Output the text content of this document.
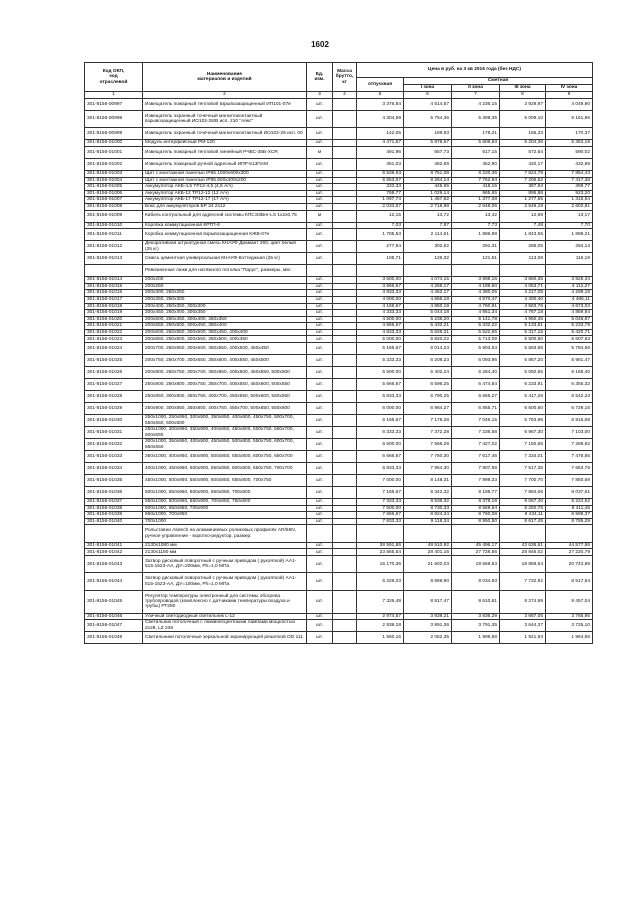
1602
Код ОКП,
код
отраслевой	Наименование
материалов и изделий	Ед.
изм.	Масса
брутто,
кг	Цена в руб. на 3 кв 2016 года (без НДС)				
				отпускная	Сметная			
					I зона	II зона	III зона	IV зона
1	2	3	4	5	6	7	8	9
301-8156-00997	Извещатель пожарный тепловой взрывозащищенный ИП101-07е	шт.		3 376,84	4 514,67	4 236,15	3 929,97	4 049,90
301-8156-00998	Извещатель охранный точечный магнитоконтактный взрывозащищенный ИО102-26/В исп. 210 "Аякс"	шт.		4 304,59	5 754,36	5 399,35	5 009,10	5 161,96
301-8156-00999	Извещатель охранный точечный магнитоконтактный ИО102-26 исп. 00	шт.		142,05	189,93	178,21	165,33	170,37
301-8156-01000	Модуль интерфейсный РМ-120	шт.		4 471,67	5 978,67	5 609,83	5 204,36	5 363,18
301-8156-01001	Извещатель пожарный тепловой линейный РЧВС-35Б-XCR	м		491,96	657,73	617,15	572,54	590,02
301-8156-01002	Извещатель пожарный ручной адресный ИПР-513ПАМ	шт.		361,03	482,69	452,90	420,17	432,99
301-8156-01003	Щит с монтажной панелью IP65 1000х600х300	шт.		6 539,63	8 751,08	8 220,36	7 624,79	7 854,43
301-8156-01004	Щит с монтажной панелью IP65 600х400х200	шт.		6 553,67	8 264,14	7 762,94	7 206,52	7 417,38
301-8156-01005	Аккумулятор АКБ-4,5 ТР12-4,5 (4,5 А/ч)	шт.		333,33	445,65	418,15	387,93	399,77
301-8156-01006	Аккумулятор АКБ-12 ТР12-12 (12 А/ч)	шт.		769,77	1 029,14	965,65	895,86	923,20
301-8156-01007	Аккумулятор АКБ-17 ТР12-17 (17 А/ч)	шт.		1 097,74	1 467,62	1 377,08	1 277,55	1 316,54
301-8156-01008	Бокс для аккумуляторов БР 24 2х12	шт.		2 033,67	2 718,98	2 648,06	2 548,19	2 602,81
301-8156-01009	Кабель контрольный для адресной системы КПСЭЗВнг-LS 1х2х0,75	м		12,15	13,72	13,42	12,98	13,17
301-8156-01010	Коробка коммутационная КРТП-8	шт.		7,03	7,97	7,73	7,48	7,70
301-8156-01011	Коробка коммутационная взрывозащищенная КЖВ-07е	шт.		1 705,53	2 114,61	1 986,99	1 843,65	1 898,21
301-8156-01012	Декоративная штукатурная смесь КНАУФ Диамант 260, цвет белый (25 кг)	шт.		277,64	302,62	291,31	286,05	294,14
301-8156-01013	Смесь цементная универсальная КНАУФ-Коттеджная (25 кг)	шт.		105,71	126,32	121,51	113,08	116,19
	Ревизионные люки для натяжного потолка "Парус", размеры, мм:							
301-8156-01014	200х200	шт.		3 500,00	4 074,15	3 898,16	3 860,35	3 925,34
301-8156-01015	200х250	шт.		3 666,67	4 268,17	4 189,60	4 053,71	4 112,27
301-8156-01016	200х300, 250х250	шт.		3 833,33	4 462,17	4 380,05	4 217,05	4 299,18
301-8156-01017	200х350, 250х300	шт.		4 000,00	4 656,18	4 570,47	4 400,40	4 486,11
301-8156-01018	200х400, 250х350, 300х300	шт.		4 166,67	4 850,19	4 760,91	4 583,76	4 673,03
301-8156-01019	200х450, 250х400, 300х350	шт.		4 333,33	5 044,18	4 951,34	4 767,18	4 859,94
301-8156-01020	200х500, 250х450, 300х400, 350х350	шт.		4 500,00	5 238,20	5 141,78	4 950,45	5 046,87
301-8156-01021	200х550, 250х500, 300х450, 350х400	шт.		4 666,67	5 432,21	5 332,22	5 133,81	5 233,79
301-8156-01022	200х600, 250х550, 300х500, 350х450, 400х400	шт.		4 833,33	5 626,21	5 522,65	5 317,15	5 420,71
301-8156-01023	200х650, 250х600, 300х550, 350х500, 400х450	шт.		5 000,00	5 820,22	5 713,09	5 500,50	5 607,63
301-8156-01024	200х700, 250х650, 300х600, 350х550, 400х500, 450х450	шт.		5 166,67	6 014,23	5 903,53	5 683,86	5 794,56
301-8156-01025	200х750, 250х700, 300х650, 350х600, 400х550, 450х500	шт.		5 333,33	6 208,23	6 093,96	5 867,20	5 981,47
301-8156-01026	200х800, 250х750, 300х700, 350х650, 400х600, 450х550, 500х500	шт.		5 500,00	6 402,24	6 284,40	6 050,55	6 168,40
301-8156-01027	250х800, 250х800, 300х750, 350х700, 400х650, 450х600, 500х550	шт.		5 666,67	6 596,25	6 474,84	6 233,91	6 355,32
301-8156-01028	250х850, 300х800, 350х750, 400х700, 450х650, 500х600, 550х550	шт.		5 833,33	6 790,25	6 665,27	6 417,26	6 542,23
301-8156-01029	250х900, 300х850, 350х800, 400х750, 450х700, 500х650, 550х600	шт.		6 000,00	6 984,27	6 855,71	6 600,60	6 729,16
301-8156-01030	250х1000, 250х950, 300х900, 350х850, 400х800, 450х750, 500х700, 550х650, 600х600	шт.		6 166,67	7 178,28	7 046,15	6 783,96	6 916,08
301-8156-01031	250х1000, 300х950, 350х900, 400х850, 450х800, 500х750, 550х700, 600х650	шт.		6 333,33	7 372,28	7 236,58	6 967,30	7 103,00
301-8156-01032	300х1000, 350х950, 400х900, 450х850, 500х800, 550х750, 600х700, 650х650	шт.		6 500,00	7 566,29	7 427,02	7 150,65	7 289,92
301-8156-01033	350х1000, 400х950, 450х900, 500х850, 550х800, 600х750, 650х700	шт.		6 666,67	7 760,30	7 617,46	7 334,01	7 476,85
301-8156-01034	400х1000, 450х950, 500х900, 550х850, 600х800, 650х750, 700х700	шт.		6 833,33	7 954,30	7 807,89	7 517,35	7 663,76
301-8156-01035	450х1000, 500х950, 550х900, 600х850, 650х800, 700х750	шт.		7 000,00	8 148,31	7 998,33	7 700,70	7 850,69
301-8156-01036	500х1000, 550х950, 600х900, 650х850, 700х800	шт.		7 166,67	8 342,32	8 188,77	7 884,06	8 037,61
301-8156-01037	550х1000, 600х950, 650х900, 700х850, 750х800	шт.		7 333,33	8 536,32	8 379,19	8 067,40	8 224,52
301-8156-01038	600х1000, 650х950, 700х900	шт.		7 500,00	8 730,33	8 569,64	8 250,75	8 411,45
301-8156-01039	650х1000, 700х950	шт.		7 666,67	8 924,34	8 760,08	8 434,11	8 598,37
301-8156-01040	700х1000	шт.		7 833,33	9 118,34	8 950,50	8 617,45	8 785,29
	Рольставни Alutech на алюминиевых роликовых профилях AR/55N, ручное управление - воротко-редуктор, размер:							
301-8156-01041	2130х1080 мм	шт.		38 591,86	48 510,92	45 496,17	43 636,61	44 577,86
301-8156-01042	2130х1180 мм	шт.		23 565,54	28 401,16	27 728,56	28 846,02	27 220,79
301-8156-01043	Затвор дисковый поворотный с ручным приводом ( рукояткой) АА1-515-1523-АА, ДУ=200мм, Рh=1,0 МПа	шт.		15 170,36	21 602,03	19 568,53	18 869,64	20 743,89
301-8156-01044	Затвор дисковый поворотный с ручным приводом ( рукояткой) АА1-515-1523-АА, ДУ=100мм, Рh=1,0 МПа	шт.		6 229,03	8 869,90	8 034,93	7 732,92	8 517,54
301-8156-01045	Регулятор температуры электронный для системы обогрева трубопроводов (комплексно с датчиками температуры воздуха и трубы) РТ280	шт.		7 326,49	8 817,47	8 610,81	8 274,99	8 457,04
301-8156-01046	Уличный светодиодный светильник L-12	шт.		2 974,57	3 938,21	3 836,29	3 687,05	3 766,95
301-8156-01047	Светильник потолочный с люминесцентными лампами мощностью 2х28, LZ 238	шт.		2 939,18	3 891,36	3 791,35	3 644,37	3 725,10
301-8156-01048	Светильники потолочные зеркальной экранирующей решеткой OD 111	шт.		1 550,16	2 052,35	1 999,58	1 921,93	1 964,66
